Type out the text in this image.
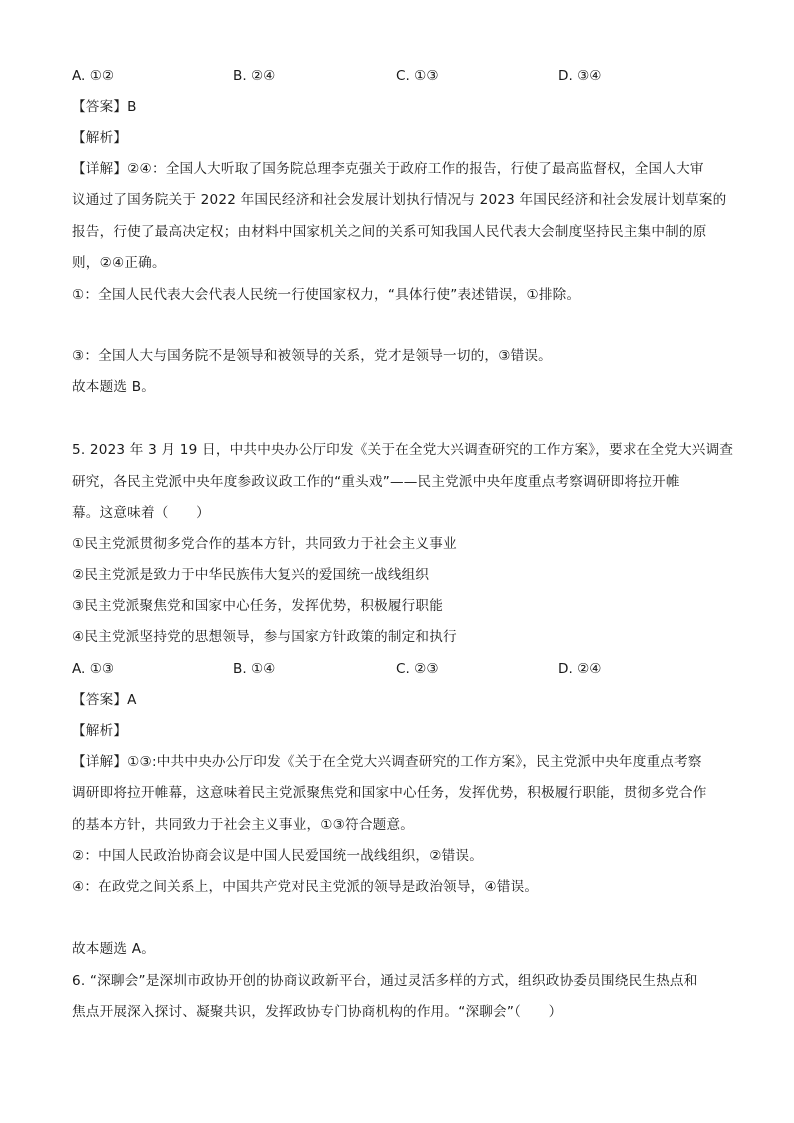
A. ①②	B. ②④	C. ①③	D. ③④
【答案】B
【解析】
【详解】②④：全国人大听取了国务院总理李克强关于政府工作的报告，行使了最高监督权，全国人大审
议通过了国务院关于 2022 年国民经济和社会发展计划执行情况与 2023 年国民经济和社会发展计划草案的
报告，行使了最高决定权；由材料中国家机关之间的关系可知我国人民代表大会制度坚持民主集中制的原
则，②④正确。
①：全国人民代表大会代表人民统一行使国家权力，“具体行使”表述错误，①排除。
③：全国人大与国务院不是领导和被领导的关系，党才是领导一切的，③错误。
故本题选 B。
5. 2023 年 3 月 19 日，中共中央办公厅印发《关于在全党大兴调查研究的工作方案》，要求在全党大兴调查
研究，各民主党派中央年度参政议政工作的“重头戏”——民主党派中央年度重点考察调研即将拉开帷
幕。这意味着（　　）
①民主党派贯彻多党合作的基本方针，共同致力于社会主义事业
②民主党派是致力于中华民族伟大复兴的爱国统一战线组织
③民主党派聚焦党和国家中心任务，发挥优势，积极履行职能
④民主党派坚持党的思想领导，参与国家方针政策的制定和执行
A. ①③	B. ①④	C. ②③	D. ②④
【答案】A
【解析】
【详解】①③:中共中央办公厅印发《关于在全党大兴调查研究的工作方案》，民主党派中央年度重点考察
调研即将拉开帷幕，这意味着民主党派聚焦党和国家中心任务，发挥优势，积极履行职能，贯彻多党合作
的基本方针，共同致力于社会主义事业，①③符合题意。
②：中国人民政治协商会议是中国人民爱国统一战线组织，②错误。
④：在政党之间关系上，中国共产党对民主党派的领导是政治领导，④错误。
故本题选 A。
6. “深聊会”是深圳市政协开创的协商议政新平台，通过灵活多样的方式，组织政协委员围绕民生热点和
焦点开展深入探讨、凝聚共识，发挥政协专门协商机构的作用。“深聊会”（　　）
